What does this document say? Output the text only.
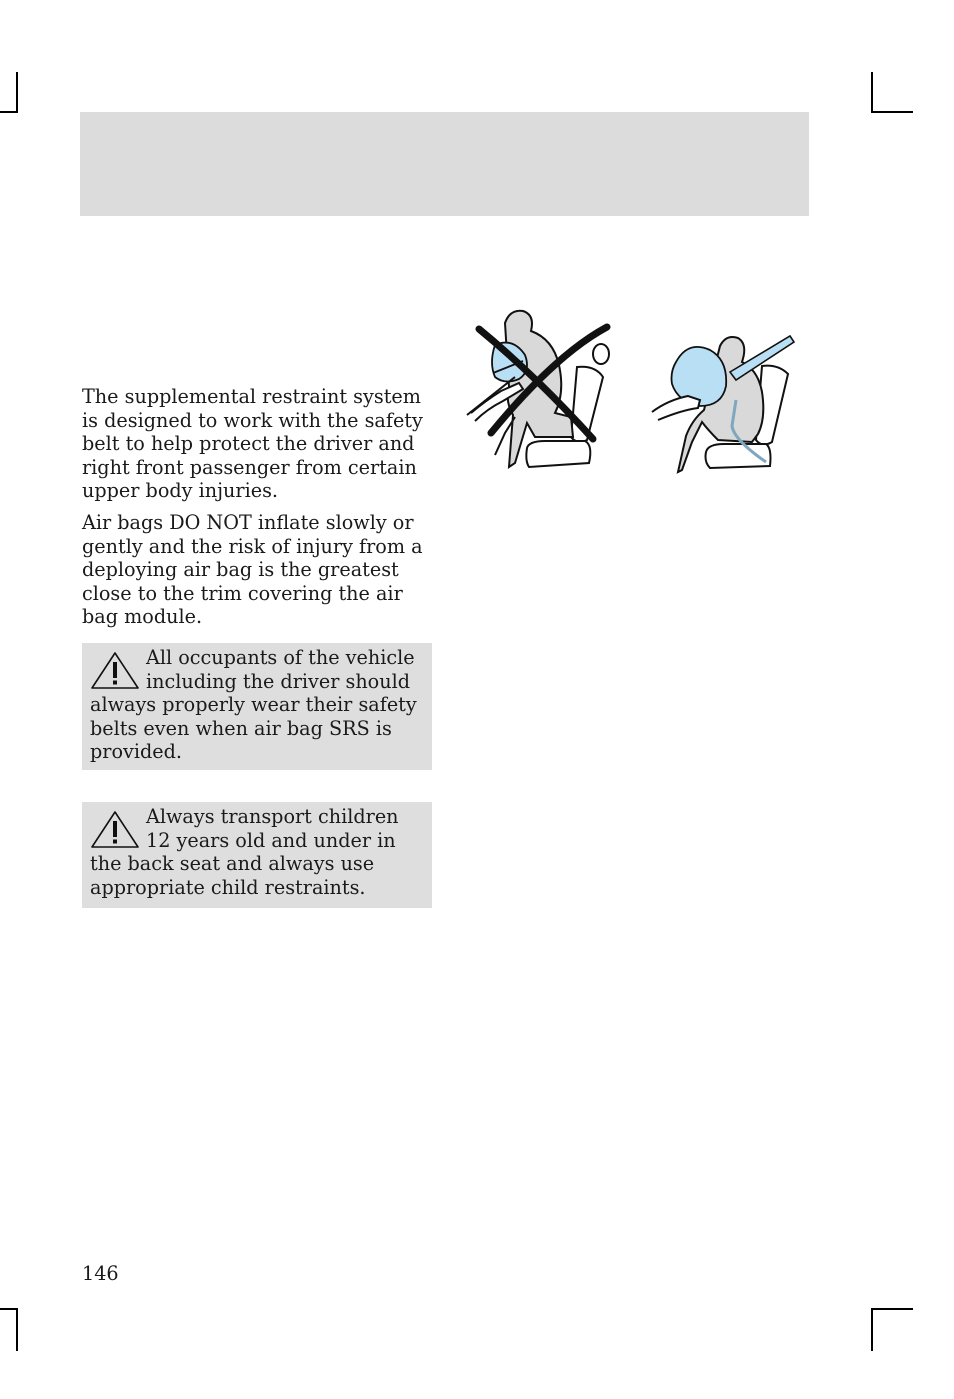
The supplemental restraint system is designed to work with the safety belt to help protect the driver and right front passenger from certain upper body injuries.

Air bags DO NOT inflate slowly or gently and the risk of injury from a deploying air bag is the greatest close to the trim covering the air bag module.

All occupants of the vehicle including the driver should always properly wear their safety belts even when air bag SRS is provided.
Always transport children 12 years old and under in the back seat and always use appropriate child restraints.
146
